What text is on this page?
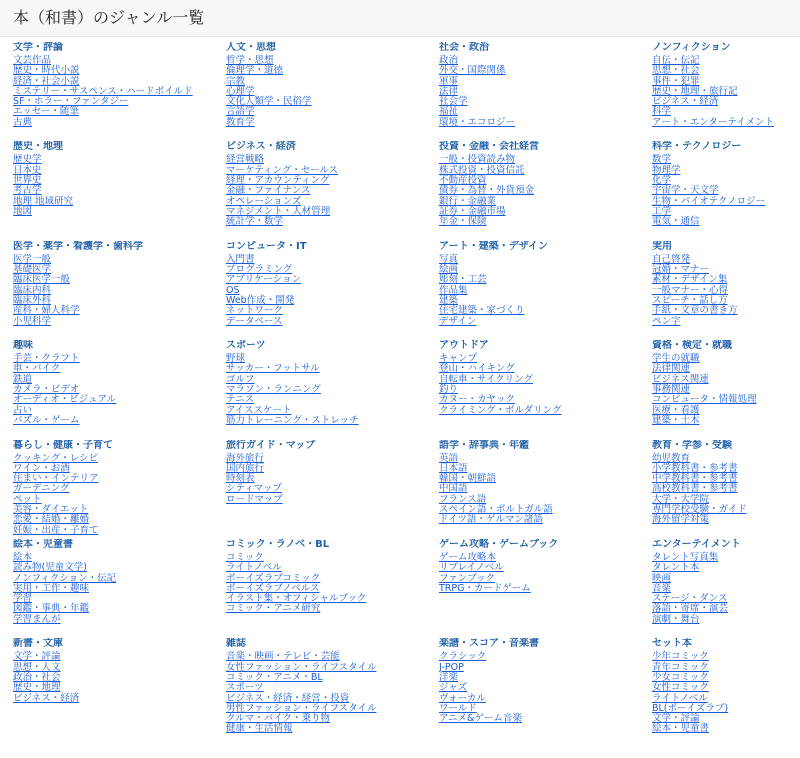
本（和書）のジャンル一覧
文学・評論
文芸作品
歴史・時代小説
経済・社会小説
ミステリー・サスペンス・ハードボイルド
SF・ホラー・ファンタジー
エッセー・随筆
古典
人文・思想
哲学・思想
倫理学・道徳
宗教
心理学
文化人類学・民俗学
言語学
教育学
社会・政治
政治
外交・国際関係
軍事
法律
社会学
福祉
環境・エコロジー
ノンフィクション
自伝・伝記
思想・社会
事件・犯罪
歴史・地理・旅行記
ビジネス・経済
科学
アート・エンターテイメント
歴史・地理
歴史学
日本史
世界史
考古学
地理 地域研究
地図
ビジネス・経済
経営戦略
マーケティング・セールス
経理・アカウンティング
金融・ファイナンス
オペレーションズ
マネジメント・人材管理
統計学・数学
投資・金融・会社経営
一般・投資読み物
株式投資・投資信託
不動産投資
債券・為替・外貨預金
銀行・金融業
証券・金融市場
年金・保険
科学・テクノロジー
数学
物理学
化学
宇宙学・天文学
生物・バイオテクノロジー
工学
電気・通信
医学・薬学・看護学・歯科学
医学一般
基礎医学
臨床医学一般
臨床内科
臨床外科
産科・婦人科学
小児科学
コンピュータ・IT
入門書
プログラミング
アプリケーション
OS
Web作成・開発
ネットワーク
データベース
アート・建築・デザイン
写真
絵画
彫刻・工芸
作品集
建築
住宅建築・家づくり
デザイン
実用
自己啓発
冠婚・マナー
素材・デザイン集
一般マナー・心得
スピーチ・話し方
手紙・文章の書き方
ペン字
趣味
手芸・クラフト
車・バイク
鉄道
カメラ・ビデオ
オーディオ・ビジュアル
占い
パズル・ゲーム
スポーツ
野球
サッカー・フットサル
ゴルフ
マラソン・ランニング
テニス
アイススケート
筋力トレーニング・ストレッチ
アウトドア
キャンプ
登山・ハイキング
自転車・サイクリング
釣り
カヌー・カヤック
クライミング・ボルダリング
資格・検定・就職
学生の就職
法律関連
ビジネス関連
事務関連
コンピュータ・情報処理
医療・看護
建築・土木
暮らし・健康・子育て
クッキング・レシピ
ワイン・お酒
住まい・インテリア
ガーデニング
ペット
美容・ダイエット
恋愛・結婚・離婚
妊娠・出産・子育て
旅行ガイド・マップ
海外旅行
国内旅行
時刻表
シティマップ
ロードマップ
語学・辞事典・年鑑
英語
日本語
韓国・朝鮮語
中国語
フランス語
スペイン語・ポルトガル語
ドイツ語・ゲルマン諸語
教育・学参・受験
幼児教育
小学教科書・参考書
中学教科書・参考書
高校教科書・参考書
大学・大学院
専門学校受験・ガイド
海外留学対策
絵本・児童書
絵本
読み物(児童文学)
ノンフィクション・伝記
実用・工作・趣味
学習
図鑑・事典・年鑑
学習まんが
コミック・ラノベ・BL
コミック
ライトノベル
ボーイズラブコミック
ボーイズラブノベルス
イラスト集・オフィシャルブック
コミック・アニメ研究
ゲーム攻略・ゲームブック
ゲーム攻略本
リプレイノベル
ファンブック
TRPG・カードゲーム
エンターテイメント
タレント写真集
タレント本
映画
音楽
ステージ・ダンス
落語・寄席・演芸
演劇・舞台
新書・文庫
文学・評論
思想・人文
政治・社会
歴史・地理
ビジネス・経済
雑誌
音楽・映画・テレビ・芸能
女性ファッション・ライフスタイル
コミック・アニメ・BL
スポーツ
ビジネス・経済・経営・投資
男性ファッション・ライフスタイル
クルマ・バイク・乗り物
健康・生活情報
楽譜・スコア・音楽書
クラシック
J-POP
洋楽
ジャズ
ヴォーカル
ワールド
アニメ&ゲーム音楽
セット本
少年コミック
青年コミック
少女コミック
女性コミック
ライトノベル
BL(ボーイズラブ)
文学・評論
絵本・児童書
